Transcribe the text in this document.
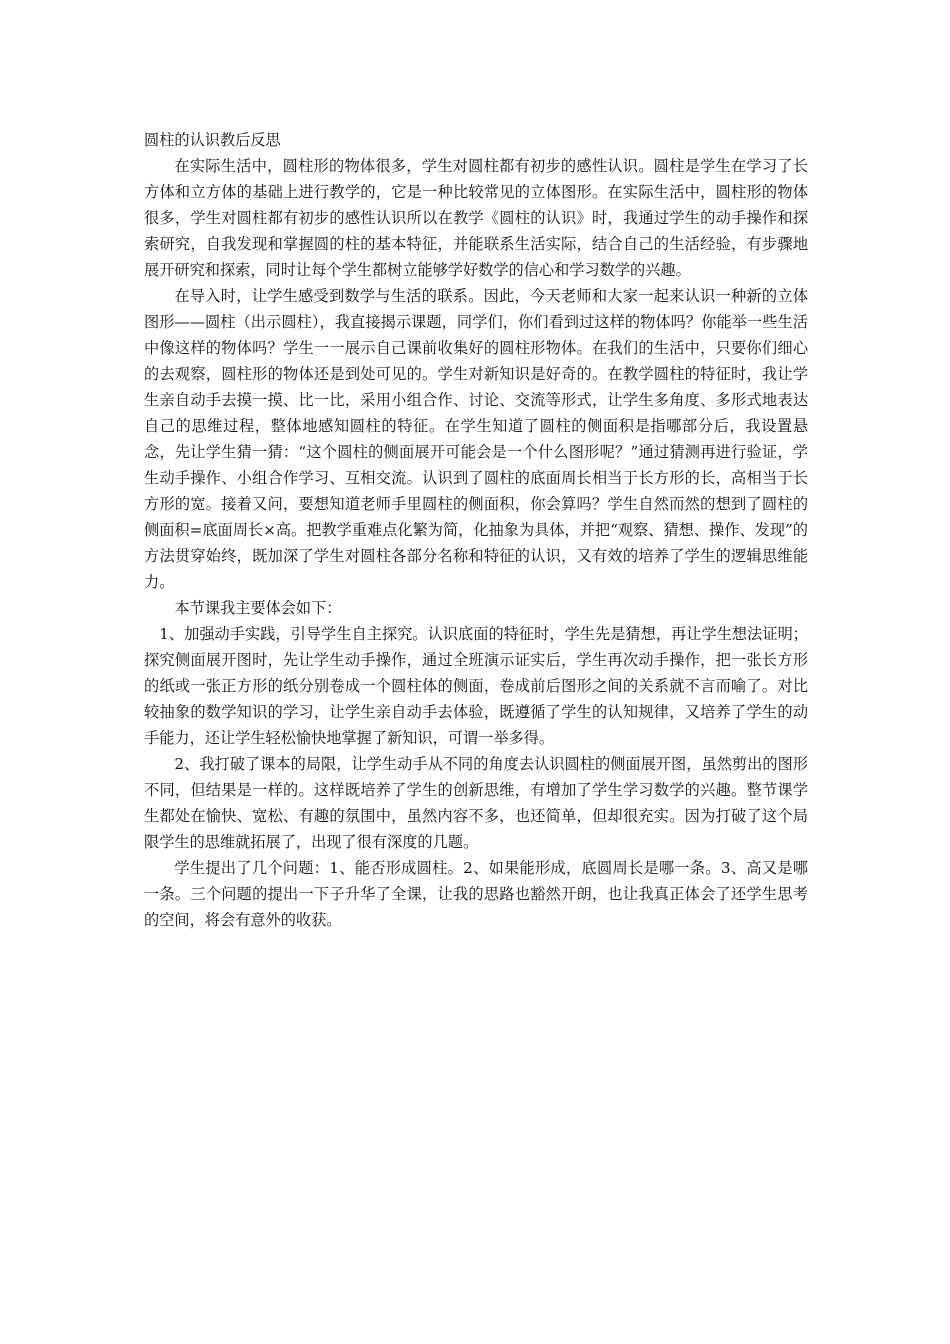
圆柱的认识教后反思

在实际生活中，圆柱形的物体很多，学生对圆柱都有初步的感性认识。圆柱是学生在学习了长方体和立方体的基础上进行教学的，它是一种比较常见的立体图形。在实际生活中，圆柱形的物体很多，学生对圆柱都有初步的感性认识所以在教学《圆柱的认识》时，我通过学生的动手操作和探索研究，自我发现和掌握圆的柱的基本特征，并能联系生活实际，结合自己的生活经验，有步骤地展开研究和探索，同时让每个学生都树立能够学好数学的信心和学习数学的兴趣。

在导入时，让学生感受到数学与生活的联系。因此，今天老师和大家一起来认识一种新的立体图形——圆柱（出示圆柱），我直接揭示课题，同学们，你们看到过这样的物体吗？你能举一些生活中像这样的物体吗？学生一一展示自己课前收集好的圆柱形物体。在我们的生活中，只要你们细心的去观察，圆柱形的物体还是到处可见的。学生对新知识是好奇的。在教学圆柱的特征时，我让学生亲自动手去摸一摸、比一比，采用小组合作、讨论、交流等形式，让学生多角度、多形式地表达自己的思维过程，整体地感知圆柱的特征。在学生知道了圆柱的侧面积是指哪部分后，我设置悬念，先让学生猜一猜：“这个圆柱的侧面展开可能会是一个什么图形呢？”通过猜测再进行验证，学生动手操作、小组合作学习、互相交流。认识到了圆柱的底面周长相当于长方形的长，高相当于长方形的宽。接着又问，要想知道老师手里圆柱的侧面积，你会算吗？学生自然而然的想到了圆柱的侧面积=底面周长×高。把教学重难点化繁为简，化抽象为具体，并把“观察、猜想、操作、发现”的方法贯穿始终，既加深了学生对圆柱各部分名称和特征的认识，又有效的培养了学生的逻辑思维能力。

本节课我主要体会如下：

1、加强动手实践，引导学生自主探究。认识底面的特征时，学生先是猜想，再让学生想法证明；探究侧面展开图时，先让学生动手操作，通过全班演示证实后，学生再次动手操作，把一张长方形的纸或一张正方形的纸分别卷成一个圆柱体的侧面，卷成前后图形之间的关系就不言而喻了。对比较抽象的数学知识的学习，让学生亲自动手去体验，既遵循了学生的认知规律，又培养了学生的动手能力，还让学生轻松愉快地掌握了新知识，可谓一举多得。

2、我打破了课本的局限，让学生动手从不同的角度去认识圆柱的侧面展开图，虽然剪出的图形不同，但结果是一样的。这样既培养了学生的创新思维，有增加了学生学习数学的兴趣。整节课学生都处在愉快、宽松、有趣的氛围中，虽然内容不多，也还简单，但却很充实。因为打破了这个局限学生的思维就拓展了，出现了很有深度的几题。

学生提出了几个问题：1、能否形成圆柱。2、如果能形成，底圆周长是哪一条。3、高又是哪一条。三个问题的提出一下子升华了全课，让我的思路也豁然开朗，也让我真正体会了还学生思考的空间，将会有意外的收获。
